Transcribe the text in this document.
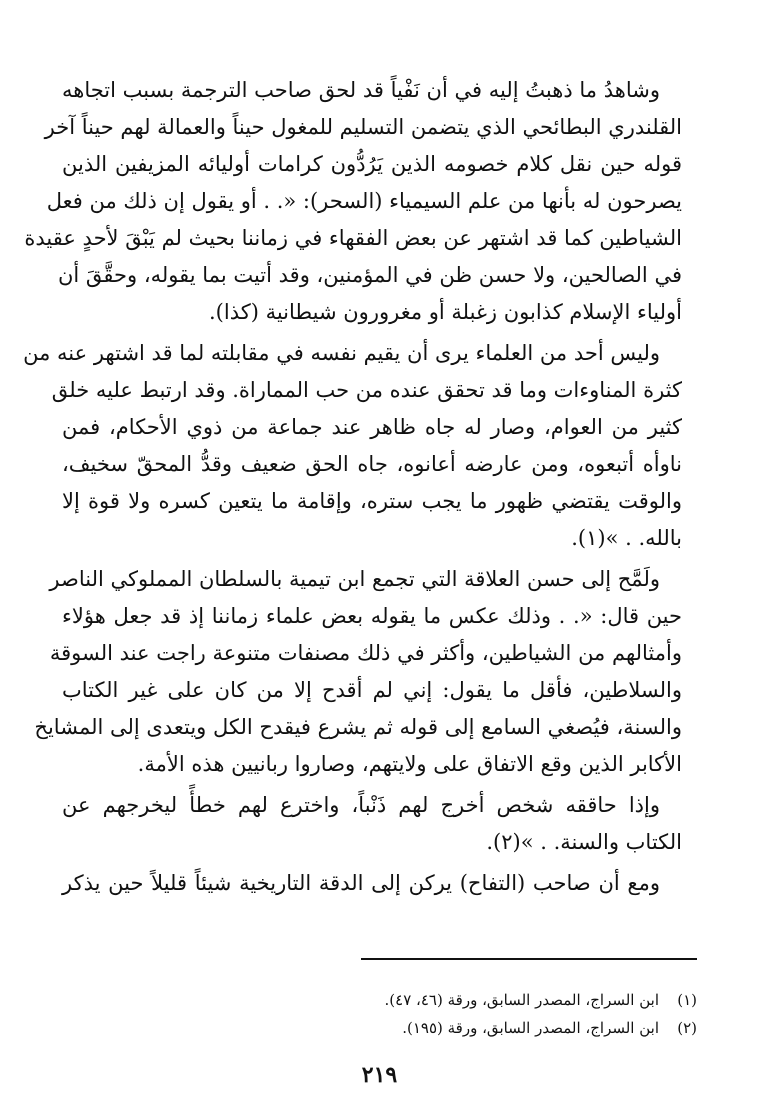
وشاهدُ ما ذهبتُ إليه في أن نَفْياً قد لحق صاحب الترجمة بسبب اتجاهه

القلندري البطائحي الذي يتضمن التسليم للمغول حيناً والعمالة لهم حيناً آخر

قوله حين نقل كلام خصومه الذين يَرُدُّون كرامات أوليائه المزيفين الذين

يصرحون له بأنها من علم السيمياء (السحر): «. . أو يقول إن ذلك من فعل

الشياطين كما قد اشتهر عن بعض الفقهاء في زماننا بحيث لم يَبْقَ لأحدٍ عقيدة

في الصالحين، ولا حسن ظن في المؤمنين، وقد أتيت بما يقوله، وحقَّقَ أن

أولياء الإسلام كذابون زغبلة أو مغرورون شيطانية (كذا).

وليس أحد من العلماء يرى أن يقيم نفسه في مقابلته لما قد اشتهر عنه من

كثرة المناوءات وما قد تحقق عنده من حب المماراة. وقد ارتبط عليه خلق

كثير من العوام، وصار له جاه ظاهر عند جماعة من ذوي الأحكام، فمن

ناوأه أتبعوه، ومن عارضه أعانوه، جاه الحق ضعيف وقدُّ المحقّ سخيف،

والوقت يقتضي ظهور ما يجب ستره، وإقامة ما يتعين كسره ولا قوة إلا

بالله. . »(١).

ولَمَّح إلى حسن العلاقة التي تجمع ابن تيمية بالسلطان المملوكي الناصر

حين قال: «. . وذلك عكس ما يقوله بعض علماء زماننا إذ قد جعل هؤلاء

وأمثالهم من الشياطين، وأكثر في ذلك مصنفات متنوعة راجت عند السوقة

والسلاطين، فأقل ما يقول: إني لم أقدح إلا من كان على غير الكتاب

والسنة، فيُصغي السامع إلى قوله ثم يشرع فيقدح الكل ويتعدى إلى المشايخ

الأكابر الذين وقع الاتفاق على ولايتهم، وصاروا ربانيين هذه الأمة.

وإذا حاققه شخص أخرج لهم ذَنْباً، واخترع لهم خطأً ليخرجهم عن

الكتاب والسنة. . »(٢).

ومع أن صاحب (التفاح) يركن إلى الدقة التاريخية شيئاً قليلاً حين يذكر

(١)ابن السراج، المصدر السابق، ورقة (٤٦، ٤٧).

(٢)ابن السراج، المصدر السابق، ورقة (١٩٥).

٢١٩
